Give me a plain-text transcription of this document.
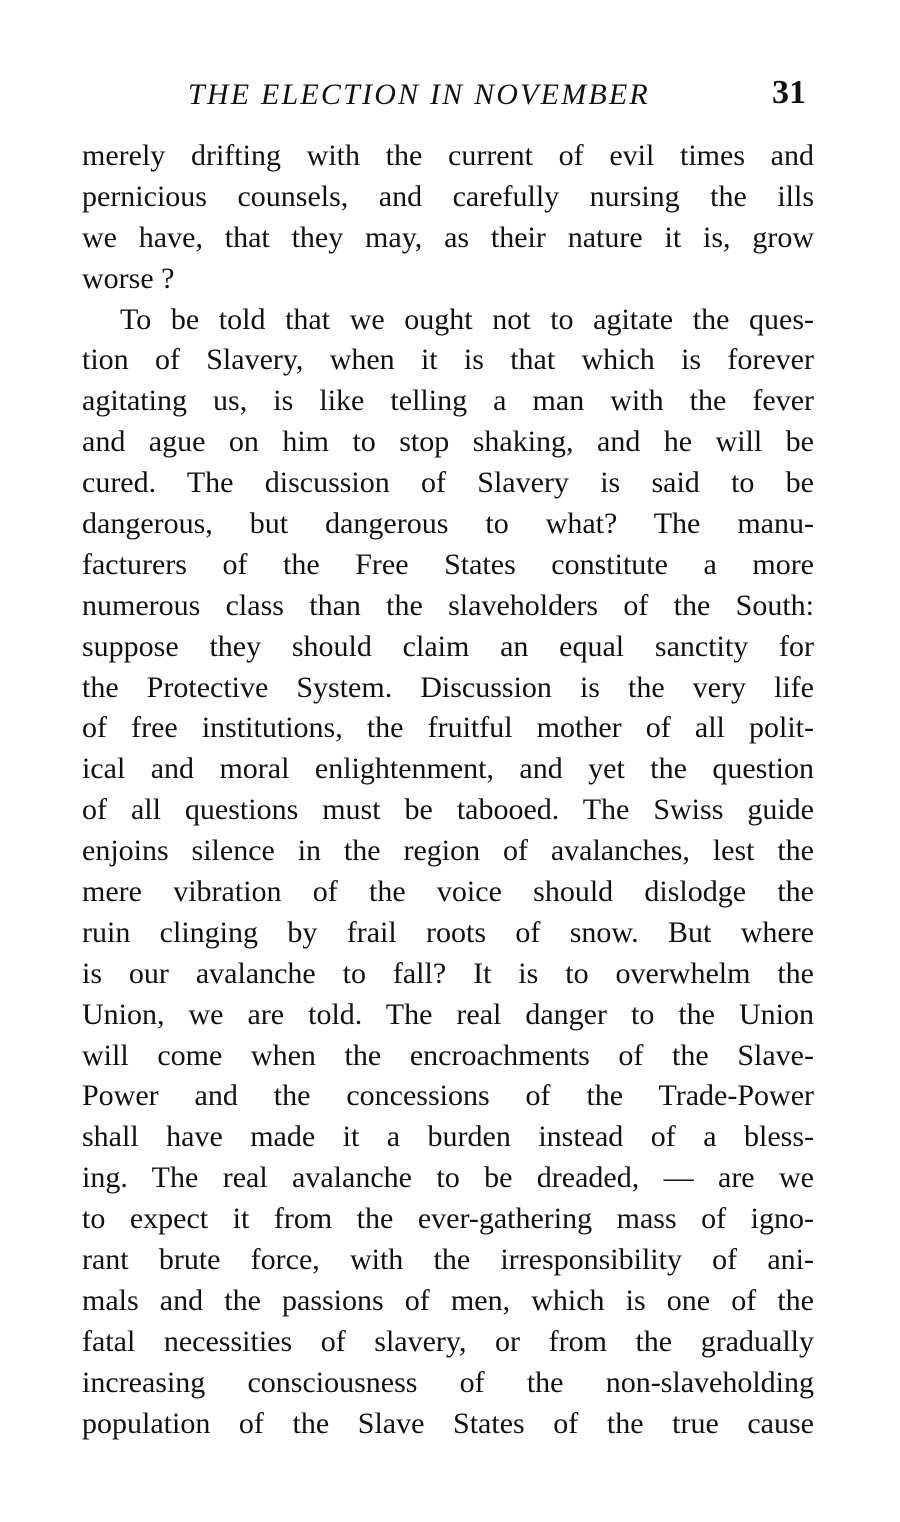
THE ELECTION IN NOVEMBER	31
merely drifting with the current of evil times and
pernicious counsels, and carefully nursing the ills
we have, that they may, as their nature it is, grow
worse ?
To be told that we ought not to agitate the ques-
tion of Slavery, when it is that which is forever
agitating us, is like telling a man with the fever
and ague on him to stop shaking, and he will be
cured. The discussion of Slavery is said to be
dangerous, but dangerous to what? The manu-
facturers of the Free States constitute a more
numerous class than the slaveholders of the South:
suppose they should claim an equal sanctity for
the Protective System. Discussion is the very life
of free institutions, the fruitful mother of all polit-
ical and moral enlightenment, and yet the question
of all questions must be tabooed. The Swiss guide
enjoins silence in the region of avalanches, lest the
mere vibration of the voice should dislodge the
ruin clinging by frail roots of snow. But where
is our avalanche to fall? It is to overwhelm the
Union, we are told. The real danger to the Union
will come when the encroachments of the Slave-
Power and the concessions of the Trade-Power
shall have made it a burden instead of a bless-
ing. The real avalanche to be dreaded, — are we
to expect it from the ever-gathering mass of igno-
rant brute force, with the irresponsibility of ani-
mals and the passions of men, which is one of the
fatal necessities of slavery, or from the gradually
increasing consciousness of the non-slaveholding
population of the Slave States of the true cause
